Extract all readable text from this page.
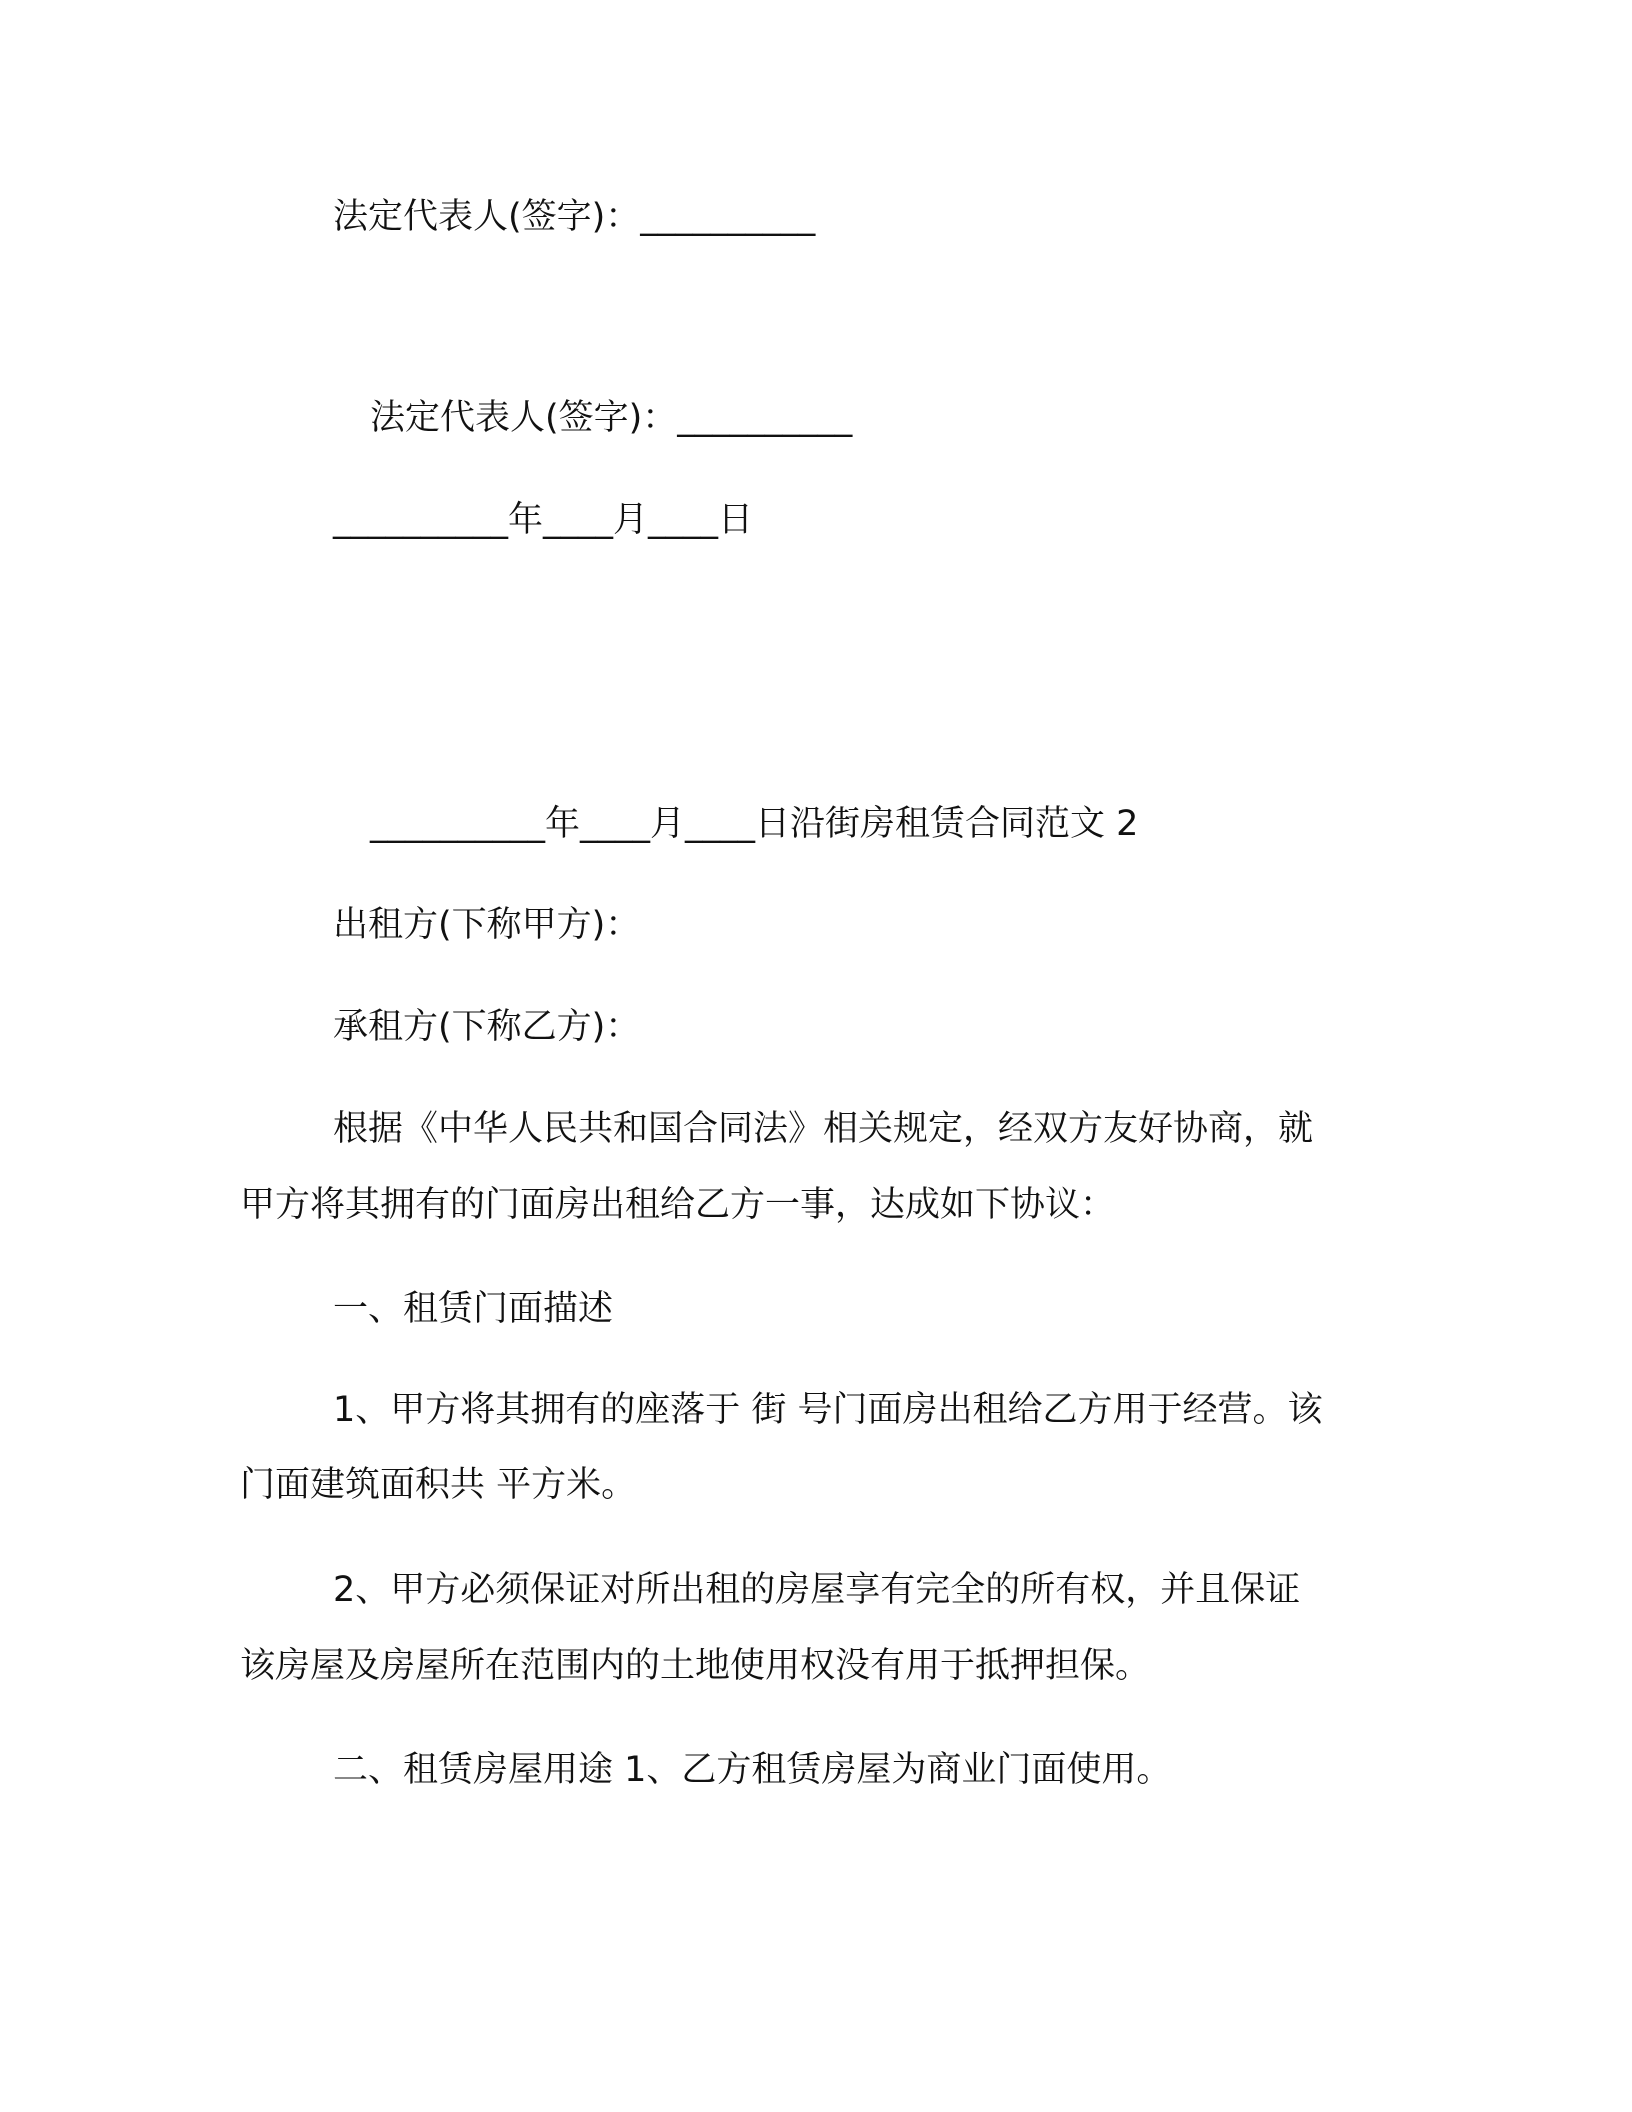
法定代表人(签字)：__________

法定代表人(签字)：__________

__________年____月____日

__________年____月____日沿街房租赁合同范文 2

出租方(下称甲方)：

承租方(下称乙方)：

根据《中华人民共和国合同法》相关规定，经双方友好协商，就

甲方将其拥有的门面房出租给乙方一事，达成如下协议：

一、租赁门面描述

1、甲方将其拥有的座落于 街 号门面房出租给乙方用于经营。该

门面建筑面积共 平方米。

2、甲方必须保证对所出租的房屋享有完全的所有权，并且保证

该房屋及房屋所在范围内的土地使用权没有用于抵押担保。

二、租赁房屋用途 1、乙方租赁房屋为商业门面使用。
